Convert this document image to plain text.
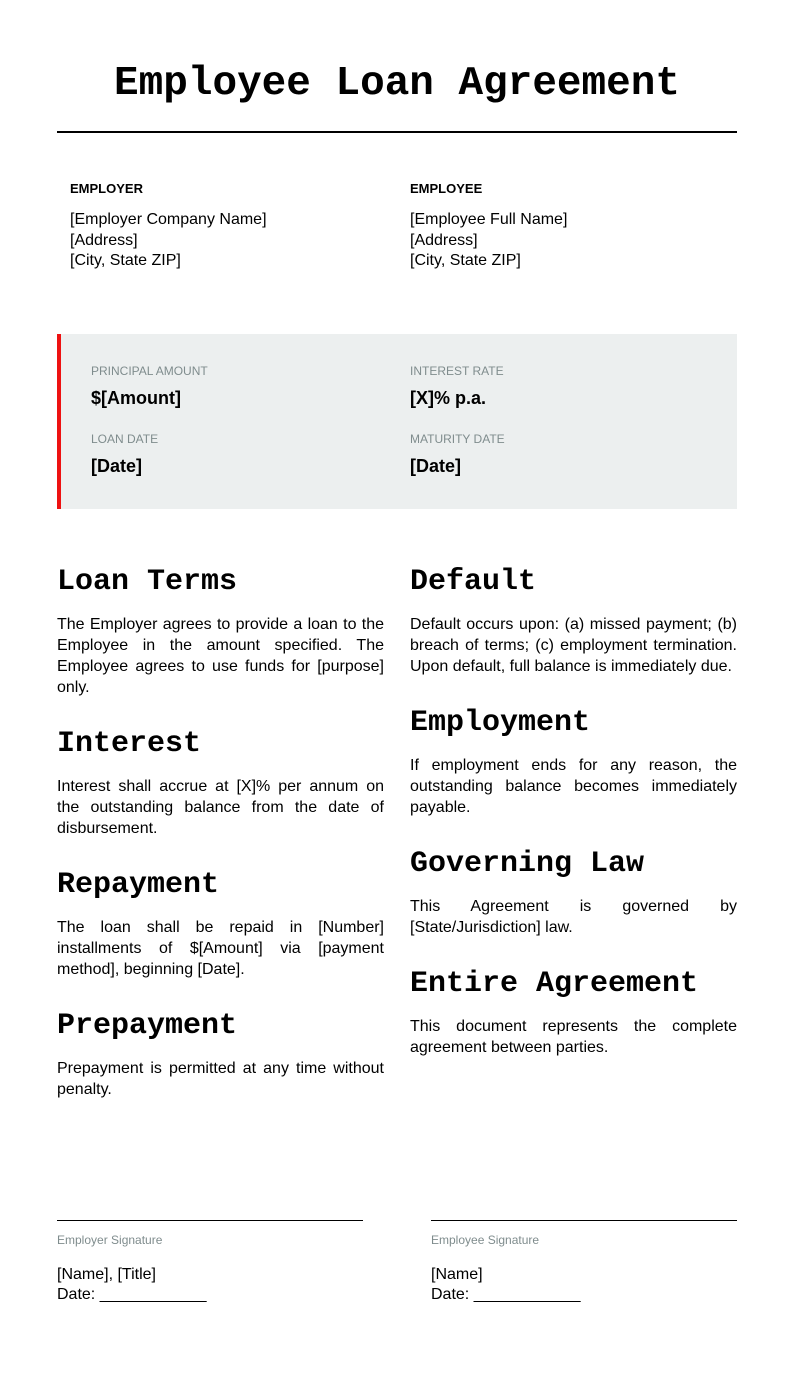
Employee Loan Agreement
EMPLOYER
[Employer Company Name]
[Address]
[City, State ZIP]
EMPLOYEE
[Employee Full Name]
[Address]
[City, State ZIP]
PRINCIPAL AMOUNT
$[Amount]
INTEREST RATE
[X]% p.a.
LOAN DATE
[Date]
MATURITY DATE
[Date]
Loan Terms

The Employer agrees to provide a loan to the Employee in the amount specified. The Employee agrees to use funds for [purpose] only.

Interest

Interest shall accrue at [X]% per annum on the outstanding balance from the date of disbursement.

Repayment

The loan shall be repaid in [Number] installments of $[Amount] via [payment method], beginning [Date].

Prepayment

Prepayment is permitted at any time without penalty.

Default

Default occurs upon: (a) missed payment; (b) breach of terms; (c) employment termination. Upon default, full balance is immediately due.

Employment

If employment ends for any reason, the outstanding balance becomes immediately payable.

Governing Law

This Agreement is governed by [State/Jurisdiction] law.

Entire Agreement

This document represents the complete agreement between parties.

Employer Signature
[Name], [Title]
Date: ____________
Employee Signature
[Name]
Date: ____________
